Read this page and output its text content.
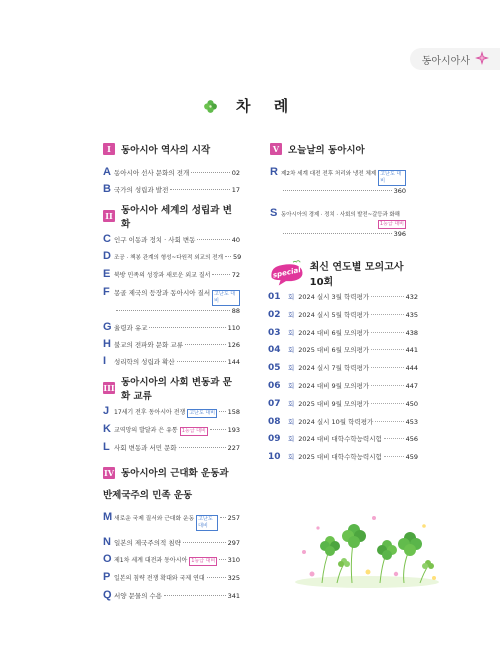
동아시아사
차 례
I	동아시아 역사의 시작
A 동아시아 선사 문화의 전개	02
B 국가의 성립과 발전	17
II 동아시아 세계의 성립과 변화
C 인구 이동과 정치 · 사회 변동	40
D 조공 · 책봉 관계의 형성~다원적 외교의 전개 59
E 북방 민족의 성장과 새로운 외교 질서	72
F 몽골 제국의 등장과 동아시아 질서 고난도 대비
88
G 율령과 유교	110
H 불교의 전파와 문화 교류	126
I	성리학의 성립과 확산	144
III 동아시아의 사회 변동과 문화 교류
J 17세기 전후 동아시아 전쟁 고난도 대비	158
K 교역망의 발달과 은 유통 1등급 대비	193
L 사회 변동과 서민 문화	227
IV 동아시아의 근대화 운동과
반제국주의 민족 운동
M 새로운 국제 질서와 근대화 운동 고난도 대비
257
N 일본의 제국주의적 침략	297
O 제1차 세계 대전과 동아시아 1등급 대비	310
P 일본의 침략 전쟁 확대와 국제 연대	325
Q 서양 문물의 수용	341
V 오늘날의 동아시아
R 제2차 세계 대전 전후 처리와 냉전 체제 고난도 대비
360
S 동아시아의 경제 · 정치 · 사회의 발전~갈등과 화해
1등급 대비
396
special 최신 연도별 모의고사 10회
01	회 2024 실시 3월 학력평가	432
02	회 2024 실시 5월 학력평가	435
03	회 2024 대비 6월 모의평가	438
04	회 2025 대비 6월 모의평가	441
05	회 2024 실시 7월 학력평가	444
06	회 2024 대비 9월 모의평가	447
07	회 2025 대비 9월 모의평가	450
08	회 2024 실시 10월 학력평가	453
09	회 2024 대비 대학수학능력시험	456
10	회 2025 대비 대학수학능력시험	459
